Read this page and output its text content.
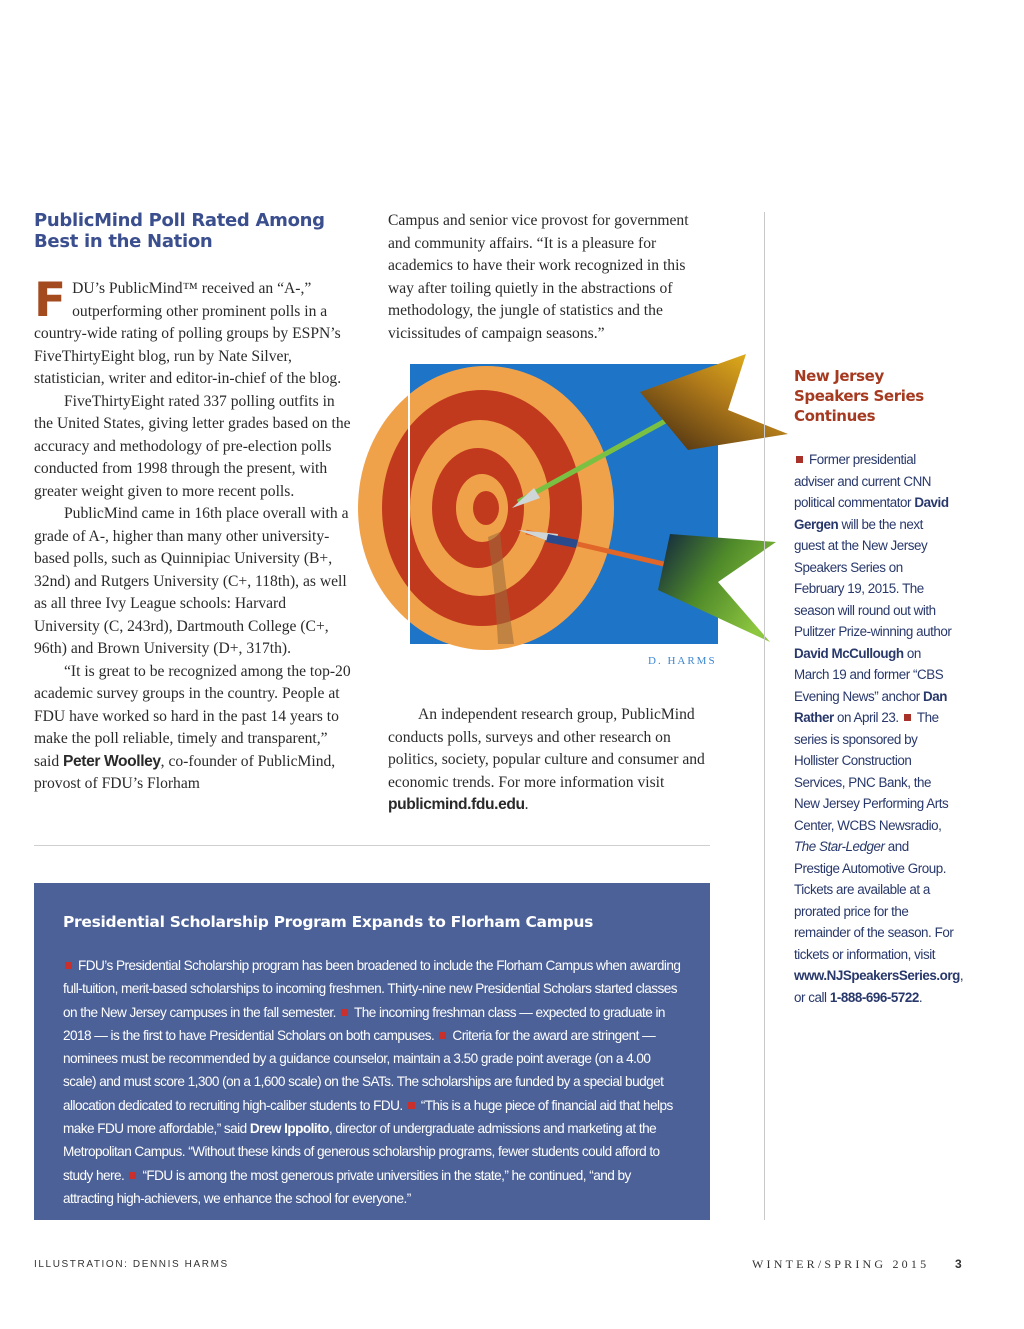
PublicMind Poll Rated Among Best in the Nation

FDU’s PublicMind™ received an “A-,” outperforming other prominent polls in a country-wide rating of polling groups by ESPN’s FiveThirtyEight blog, run by Nate Silver, statistician, writer and editor-in-chief of the blog.

FiveThirtyEight rated 337 polling outfits in the United States, giving letter grades based on the accuracy and methodology of pre-election polls conducted from 1998 through the present, with greater weight given to more recent polls.

PublicMind came in 16th place overall with a grade of A-, higher than many other university-based polls, such as Quinnipiac University (B+, 32nd) and Rutgers University (C+, 118th), as well as all three Ivy League schools: Harvard University (C, 243rd), Dartmouth College (C+, 96th) and Brown University (D+, 317th).

“It is great to be recognized among the top-20 academic survey groups in the country. People at FDU have worked so hard in the past 14 years to make the poll reliable, timely and transparent,” said Peter Woolley, co-founder of PublicMind, provost of FDU’s Florham

Campus and senior vice provost for government and community affairs. “It is a pleasure for academics to have their work recognized in this way after toiling quietly in the abstractions of methodology, the jungle of statistics and the vicissitudes of campaign seasons.”

D. HARMS

An independent research group, PublicMind conducts polls, surveys and other research on politics, society, popular culture and consumer and economic trends. For more information visit publicmind.fdu.edu.

New Jersey Speakers Series Continues

Former presidential adviser and current CNN political commentator David Gergen will be the next guest at the New Jersey Speakers Series on February 19, 2015. The season will round out with Pulitzer Prize-winning author David McCullough on March 19 and former “CBS Evening News” anchor Dan Rather on April 23. The series is sponsored by Hollister Construction Services, PNC Bank, the New Jersey Performing Arts Center, WCBS Newsradio, The Star-Ledger and Prestige Automotive Group. Tickets are available at a prorated price for the remainder of the season. For tickets or information, visit www.NJSpeakersSeries.org, or call 1-888-696-5722.

Presidential Scholarship Program Expands to Florham Campus
FDU’s Presidential Scholarship program has been broadened to include the Florham Campus when awarding full-tuition, merit-based scholarships to incoming freshmen. Thirty-nine new Presidential Scholars started classes on the New Jersey campuses in the fall semester. The incoming freshman class — expected to graduate in 2018 — is the first to have Presidential Scholars on both campuses. Criteria for the award are stringent — nominees must be recommended by a guidance counselor, maintain a 3.50 grade point average (on a 4.00 scale) and must score 1,300 (on a 1,600 scale) on the SATs. The scholarships are funded by a special budget allocation dedicated to recruiting high-caliber students to FDU. “This is a huge piece of financial aid that helps make FDU more affordable,” said Drew Ippolito, director of undergraduate admissions and marketing at the Metropolitan Campus. “Without these kinds of generous scholarship programs, fewer students could afford to study here. “FDU is among the most generous private universities in the state,” he continued, “and by attracting high-achievers, we enhance the school for everyone.”
ILLUSTRATION: DENNIS HARMS	WINTER/SPRING 2015 3
